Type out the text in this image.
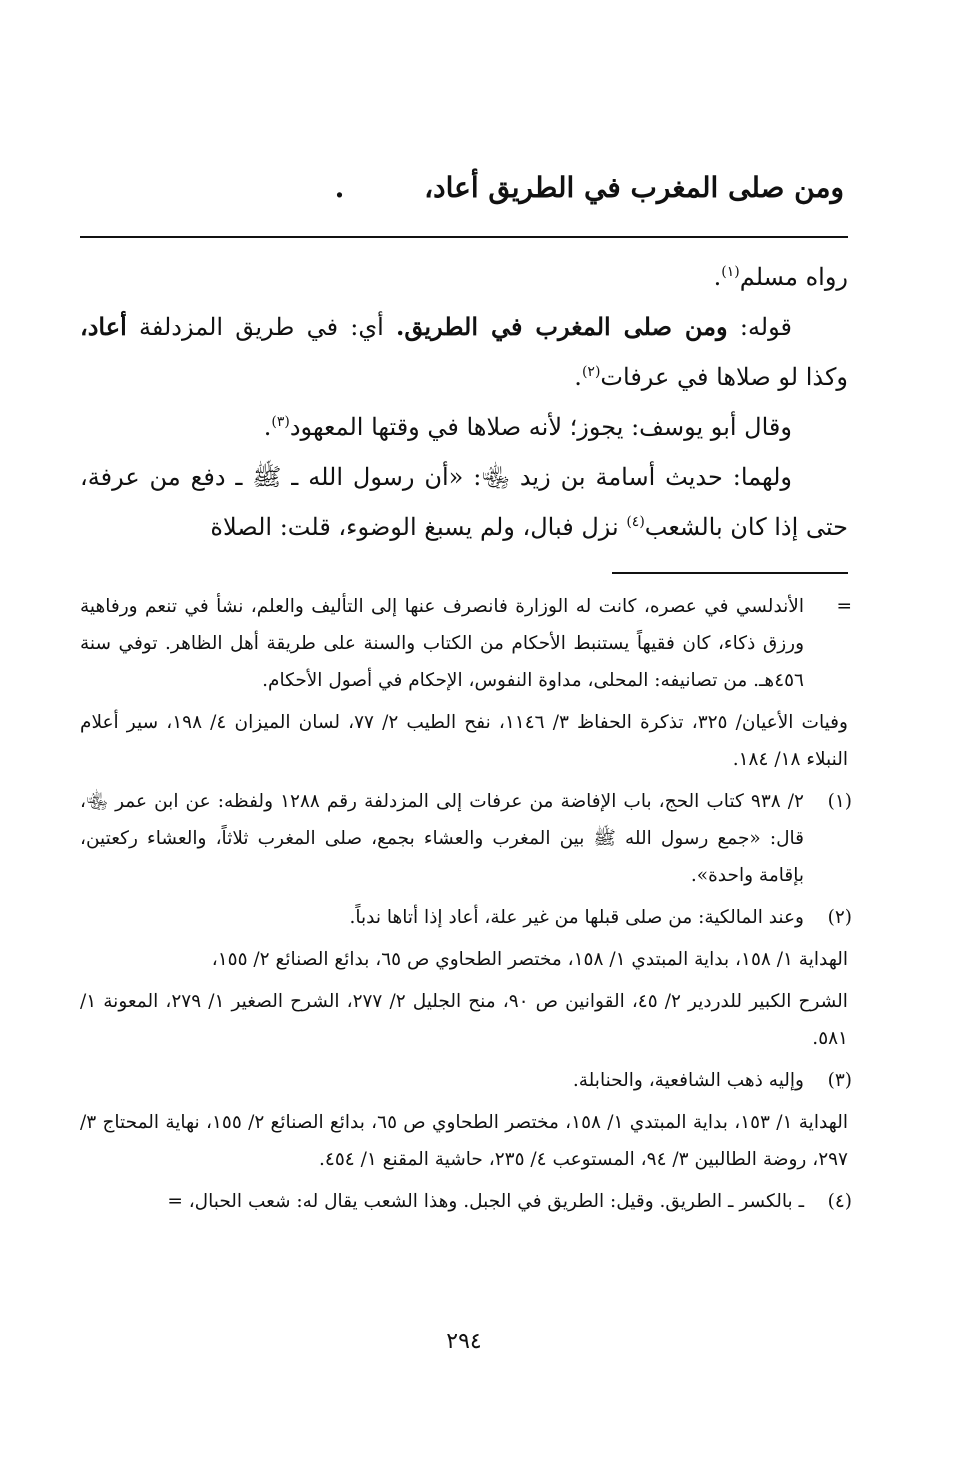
ومن صلى المغرب في الطريق أعاد، .

رواه مسلم$^{(١)}$.

قوله: ومن صلى المغرب في الطريق. أي: في طريق المزدلفة أعاد، وكذا لو صلاها في عرفات$^{(٢)}$.

وقال أبو يوسف: يجوز؛ لأنه صلاها في وقتها المعهود$^{(٣)}$.

ولهما: حديث أسامة بن زيد ﵄: «أن رسول الله ـ ﷺ ـ دفع من عرفة، حتى إذا كان بالشعب$^{(٤)}$ نزل فبال، ولم يسبغ الوضوء، قلت: الصلاة

=

الأندلسي في عصره، كانت له الوزارة فانصرف عنها إلى التأليف والعلم، نشأ في تنعم ورفاهية ورزق ذكاء، كان فقيهاً يستنبط الأحكام من الكتاب والسنة على طريقة أهل الظاهر. توفي سنة ٤٥٦هـ. من تصانيفه: المحلى، مداوة النفوس، الإحكام في أصول الأحكام.

وفيات الأعيان/ ٣٢٥، تذكرة الحفاظ ٣/ ١١٤٦، نفح الطيب ٢/ ٧٧، لسان الميزان ٤/ ١٩٨، سير أعلام النبلاء ١٨/ ١٨٤.

(١)

٢/ ٩٣٨ كتاب الحج، باب الإفاضة من عرفات إلى المزدلفة رقم ١٢٨٨ ولفظه: عن ابن عمر ﵄، قال: «جمع رسول الله ﷺ بين المغرب والعشاء بجمع، صلى المغرب ثلاثاً، والعشاء ركعتين، بإقامة واحدة».

(٢)

وعند المالكية: من صلى قبلها من غير علة، أعاد إذا أتاها ندباً.

الهداية ١/ ١٥٨، بداية المبتدي ١/ ١٥٨، مختصر الطحاوي ص ٦٥، بدائع الصنائع ٢/ ١٥٥،

الشرح الكبير للدردير ٢/ ٤٥، القوانين ص ٩٠، منح الجليل ٢/ ٢٧٧، الشرح الصغير ١/ ٢٧٩، المعونة ١/ ٥٨١.

(٣)

وإليه ذهب الشافعية، والحنابلة.

الهداية ١/ ١٥٣، بداية المبتدي ١/ ١٥٨، مختصر الطحاوي ص ٦٥، بدائع الصنائع ٢/ ١٥٥، نهاية المحتاج ٣/ ٢٩٧، روضة الطالبين ٣/ ٩٤، المستوعب ٤/ ٢٣٥، حاشية المقنع ١/ ٤٥٤.

(٤)

ـ بالكسر ـ الطريق. وقيل: الطريق في الجبل. وهذا الشعب يقال له: شعب الحبال، =

٢٩٤
